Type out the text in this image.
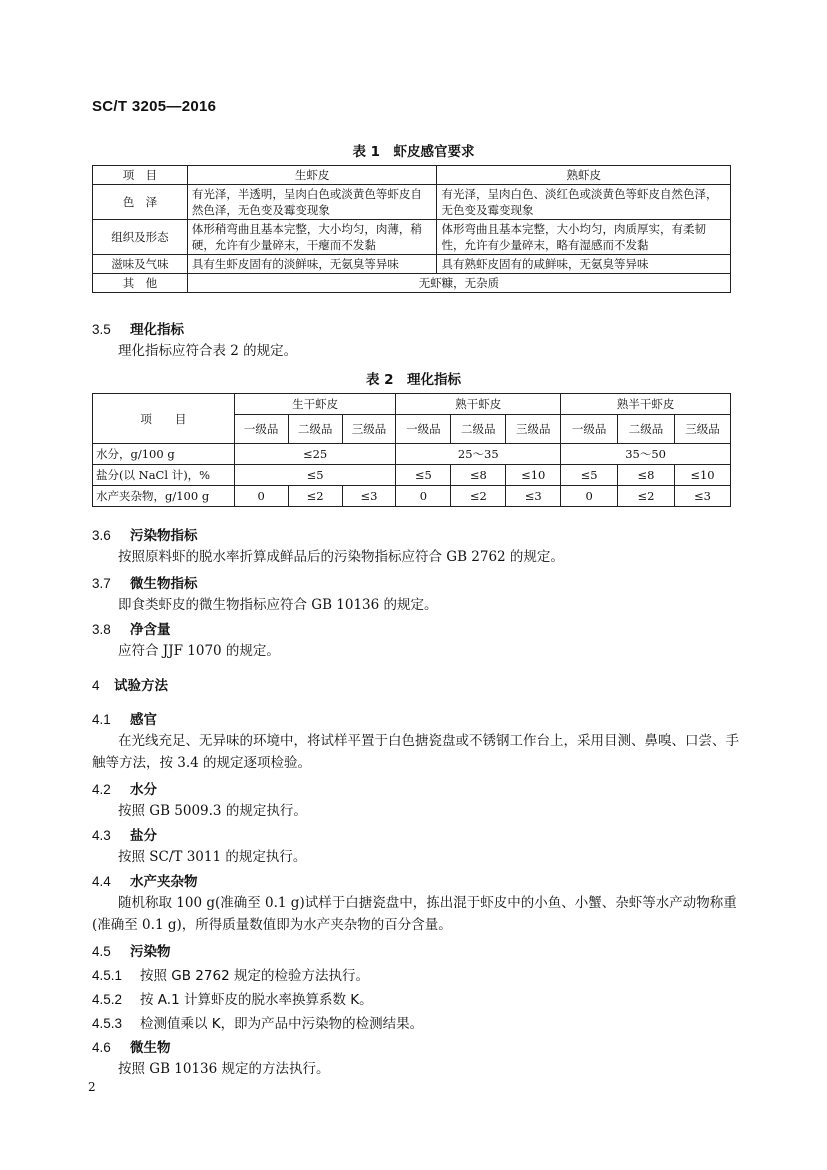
SC/T 3205—2016
表 1　虾皮感官要求
项　目	生虾皮	熟虾皮
色　泽	有光泽，半透明，呈肉白色或淡黄色等虾皮自然色泽，无色变及霉变现象	有光泽，呈肉白色、淡红色或淡黄色等虾皮自然色泽，无色变及霉变现象
组织及形态	体形稍弯曲且基本完整，大小均匀，肉薄，稍硬，允许有少量碎末，干瘪而不发黏	体形弯曲且基本完整，大小均匀，肉质厚实，有柔韧性，允许有少量碎末，略有湿感而不发黏
滋味及气味	具有生虾皮固有的淡鲜味，无氨臭等异味	具有熟虾皮固有的咸鲜味，无氨臭等异味
其　他	无虾糠，无杂质	
3.5 理化指标
理化指标应符合表 2 的规定。
表 2　理化指标
项　　目	生干虾皮			熟干虾皮			熟半干虾皮		
	一级品	二级品	三级品	一级品	二级品	三级品	一级品	二级品	三级品
水分，g/100 g	≤25			25～35			35～50		
盐分(以 NaCl 计)，%	≤5			≤5	≤8	≤10	≤5	≤8	≤10
水产夹杂物，g/100 g	0	≤2	≤3	0	≤2	≤3	0	≤2	≤3
3.6 污染物指标
按照原料虾的脱水率折算成鲜品后的污染物指标应符合 GB 2762 的规定。
3.7 微生物指标
即食类虾皮的微生物指标应符合 GB 10136 的规定。
3.8 净含量
应符合 JJF 1070 的规定。
4 试验方法
4.1 感官
在光线充足、无异味的环境中，将试样平置于白色搪瓷盘或不锈钢工作台上，采用目测、鼻嗅、口尝、手触等方法，按 3.4 的规定逐项检验。
4.2 水分
按照 GB 5009.3 的规定执行。
4.3 盐分
按照 SC/T 3011 的规定执行。
4.4 水产夹杂物
随机称取 100 g(准确至 0.1 g)试样于白搪瓷盘中，拣出混于虾皮中的小鱼、小蟹、杂虾等水产动物称重(准确至 0.1 g)，所得质量数值即为水产夹杂物的百分含量。
4.5 污染物
4.5.1 按照 GB 2762 规定的检验方法执行。
4.5.2 按 A.1 计算虾皮的脱水率换算系数 K。
4.5.3 检测值乘以 K，即为产品中污染物的检测结果。
4.6 微生物
按照 GB 10136 规定的方法执行。
2
